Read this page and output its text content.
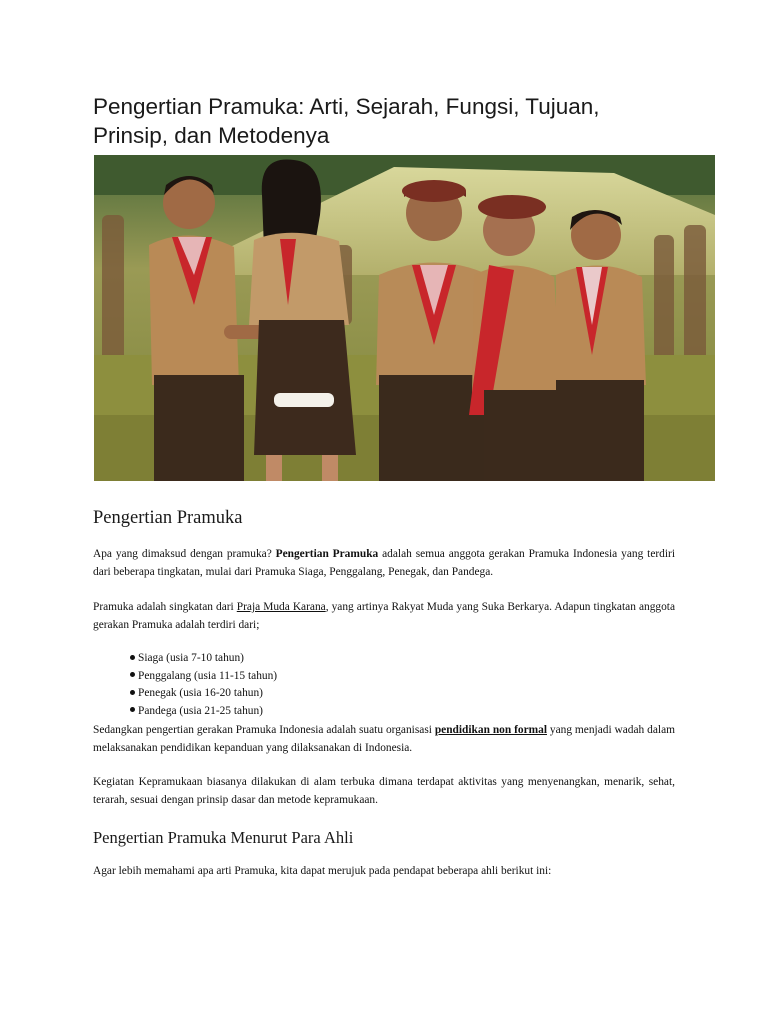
Pengertian Pramuka: Arti, Sejarah, Fungsi, Tujuan, Prinsip, dan Metodenya
Pengertian Pramuka

Apa yang dimaksud dengan pramuka? Pengertian Pramuka adalah semua anggota gerakan Pramuka Indonesia yang terdiri dari beberapa tingkatan, mulai dari Pramuka Siaga, Penggalang, Penegak, dan Pandega.

Pramuka adalah singkatan dari Praja Muda Karana, yang artinya Rakyat Muda yang Suka Berkarya. Adapun tingkatan anggota gerakan Pramuka adalah terdiri dari;

Siaga (usia 7-10 tahun)
Penggalang (usia 11-15 tahun)
Penegak (usia 16-20 tahun)
Pandega (usia 21-25 tahun)

Sedangkan pengertian gerakan Pramuka Indonesia adalah suatu organisasi pendidikan non formal yang menjadi wadah dalam melaksanakan pendidikan kepanduan yang dilaksanakan di Indonesia.

Kegiatan Kepramukaan biasanya dilakukan di alam terbuka dimana terdapat aktivitas yang menyenangkan, menarik, sehat, terarah, sesuai dengan prinsip dasar dan metode kepramukaan.

Pengertian Pramuka Menurut Para Ahli

Agar lebih memahami apa arti Pramuka, kita dapat merujuk pada pendapat beberapa ahli berikut ini:
